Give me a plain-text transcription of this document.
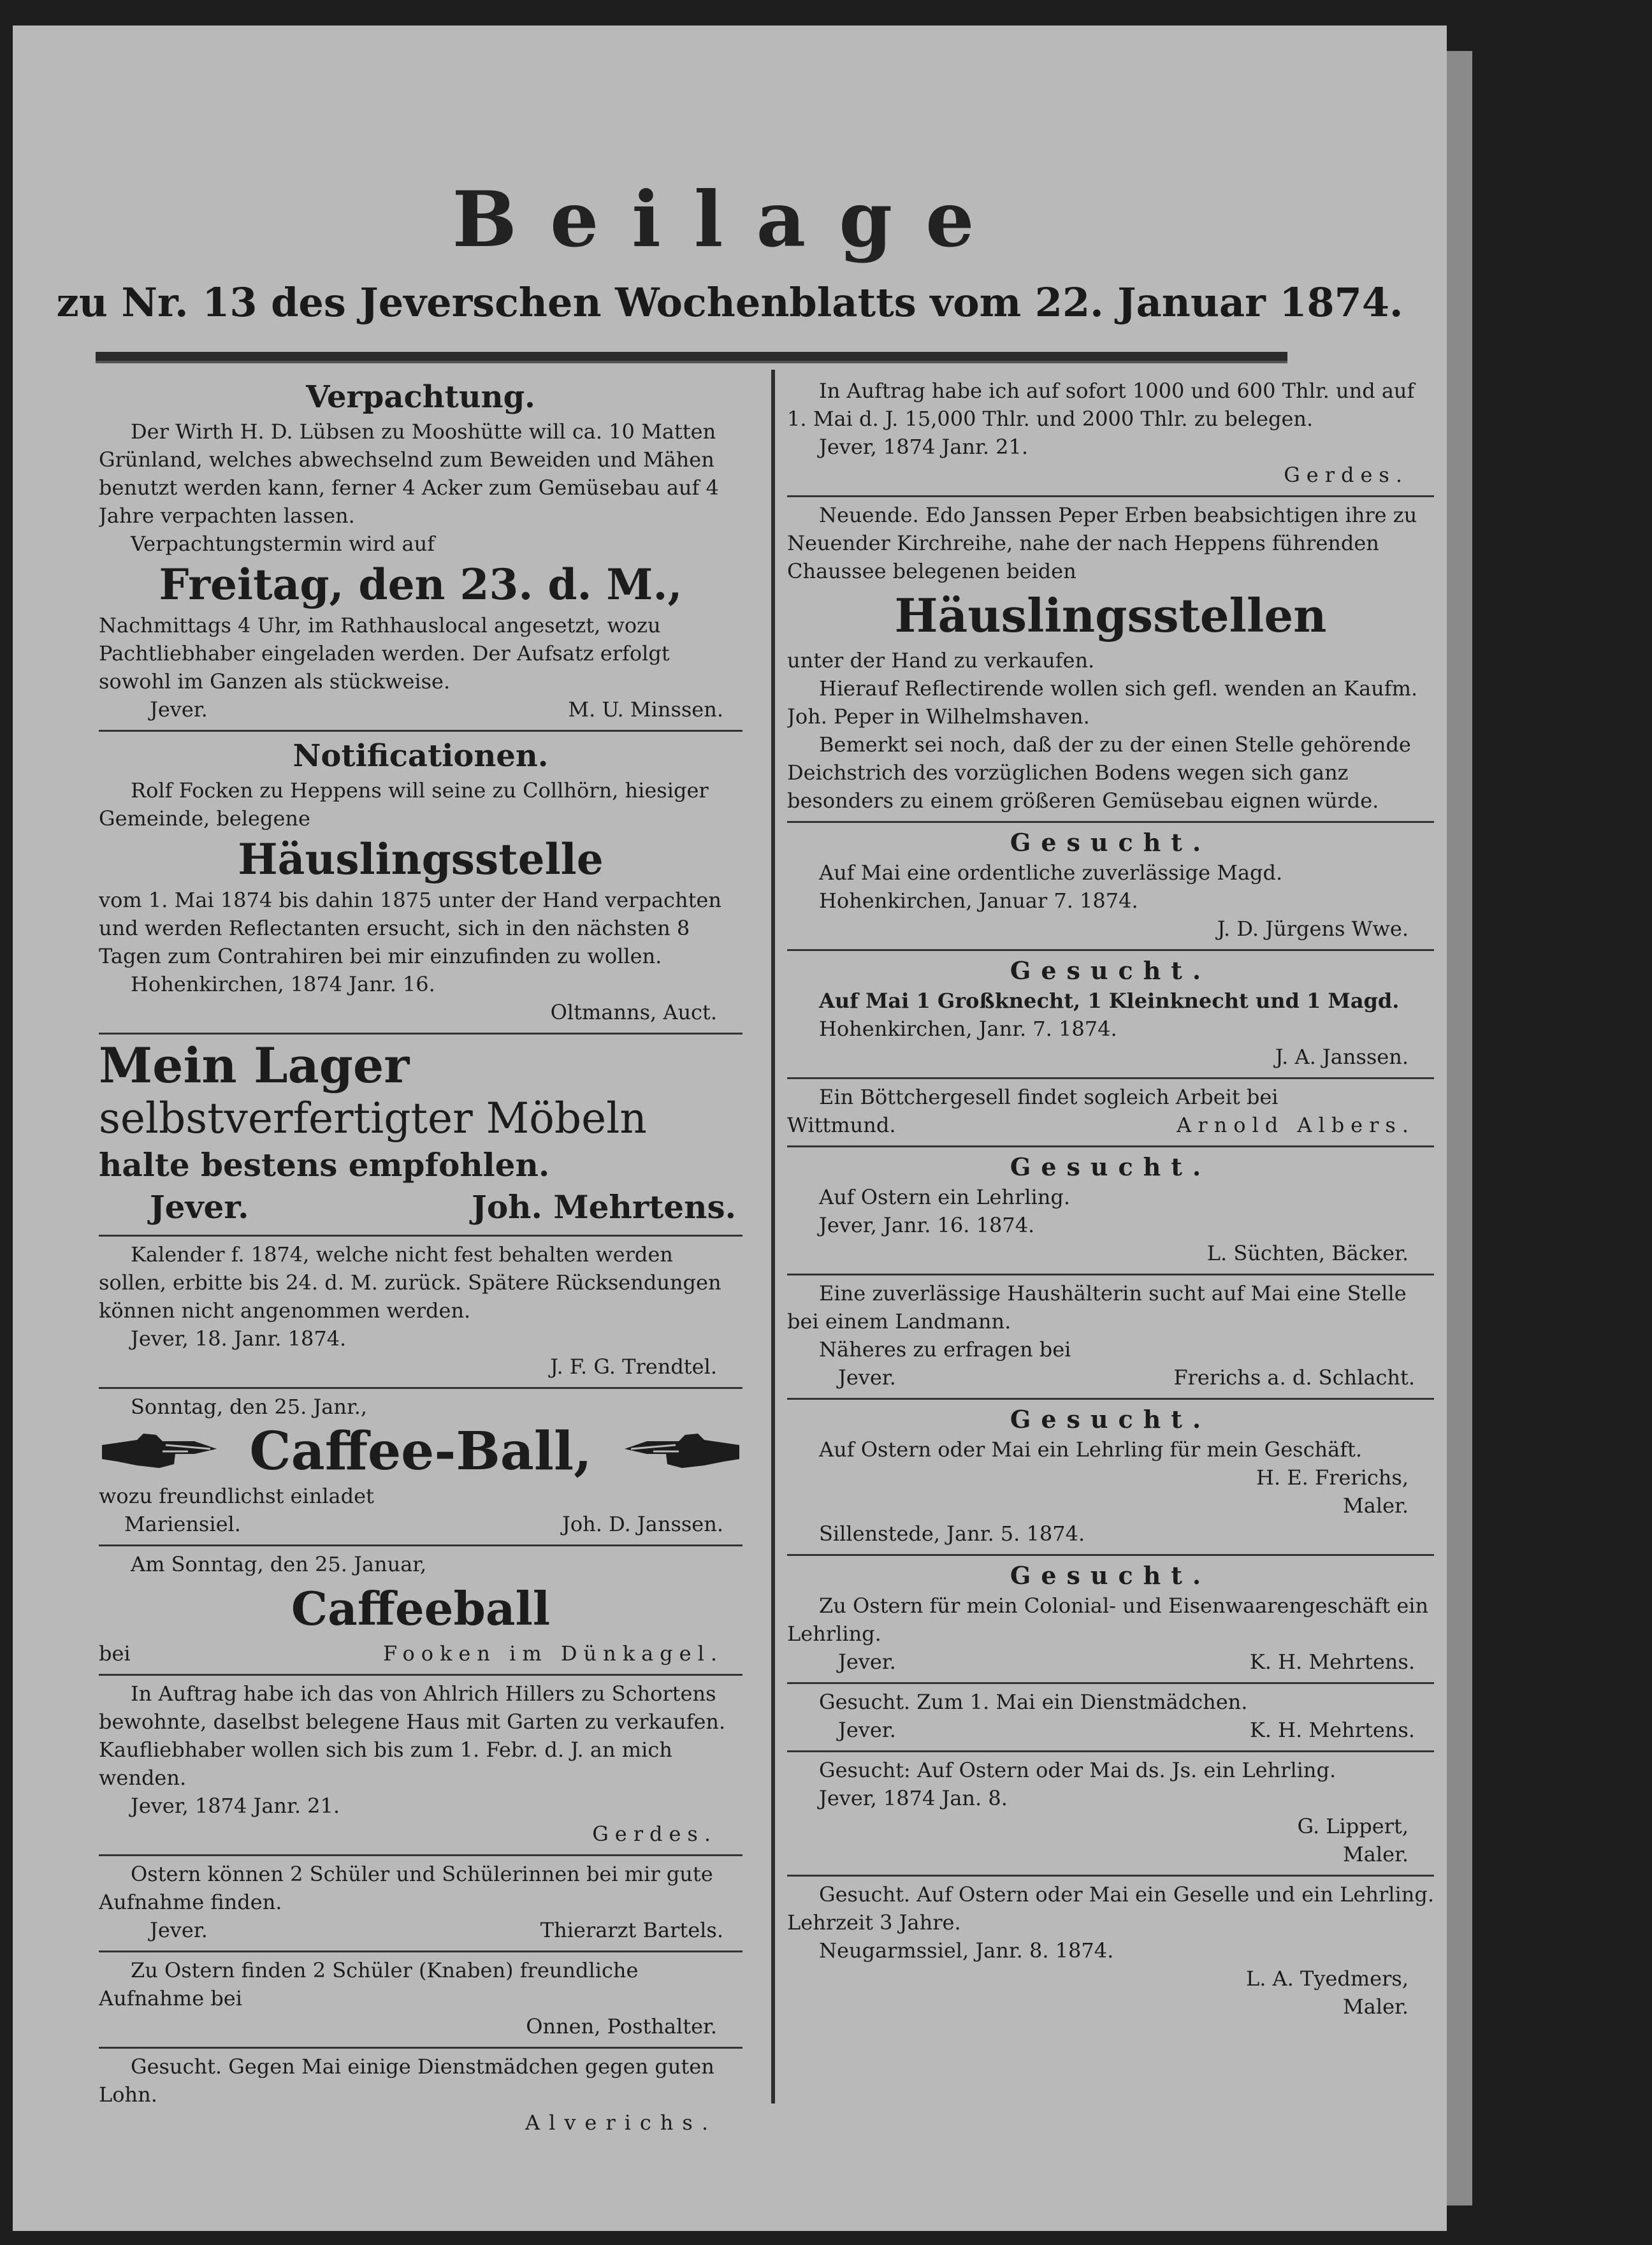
Beilage
zu Nr. 13 des Jeverschen Wochenblatts vom 22. Januar 1874.
Verpachtung.

Der Wirth H. D. Lübsen zu Mooshütte will ca. 10 Matten Grünland, welches abwechselnd zum Beweiden und Mähen benutzt werden kann, ferner 4 Acker zum Gemüsebau auf 4 Jahre verpachten lassen.

Verpachtungstermin wird auf

Freitag, den 23. d. M.,

Nachmittags 4 Uhr, im Rathhauslocal angesetzt, wozu Pachtliebhaber eingeladen werden. Der Aufsatz erfolgt sowohl im Ganzen als stückweise.

Jever.	M. U. Minssen.

Notificationen.

Rolf Focken zu Heppens will seine zu Collhörn, hiesiger Gemeinde, belegene

Häuslingsstelle

vom 1. Mai 1874 bis dahin 1875 unter der Hand verpachten und werden Reflectanten ersucht, sich in den nächsten 8 Tagen zum Contrahiren bei mir einzufinden zu wollen.

Hohenkirchen, 1874 Janr. 16.

Oltmanns, Auct.

Mein Lager

selbstverfertigter Möbeln

halte bestens empfohlen.

Jever.	Joh. Mehrtens.

Kalender f. 1874, welche nicht fest behalten werden sollen, erbitte bis 24. d. M. zurück. Spätere Rücksendungen können nicht angenommen werden.

Jever, 18. Janr. 1874.

J. F. G. Trendtel.

Sonntag, den 25. Janr.,

Caffee-Ball,

wozu freundlichst einladet

Mariensiel.	Joh. D. Janssen.

Am Sonntag, den 25. Januar,

Caffeeball

bei	Fooken im Dünkagel.

In Auftrag habe ich das von Ahlrich Hillers zu Schortens bewohnte, daselbst belegene Haus mit Garten zu verkaufen. Kaufliebhaber wollen sich bis zum 1. Febr. d. J. an mich wenden.

Jever, 1874 Janr. 21.

Gerdes.

Ostern können 2 Schüler und Schülerinnen bei mir gute Aufnahme finden.

Jever.	Thierarzt Bartels.

Zu Ostern finden 2 Schüler (Knaben) freundliche Aufnahme bei

Onnen, Posthalter.

Gesucht. Gegen Mai einige Dienstmädchen gegen guten Lohn.

Alverichs.

In Auftrag habe ich auf sofort 1000 und 600 Thlr. und auf 1. Mai d. J. 15,000 Thlr. und 2000 Thlr. zu belegen.

Jever, 1874 Janr. 21.

Gerdes.

Neuende. Edo Janssen Peper Erben beabsichtigen ihre zu Neuender Kirchreihe, nahe der nach Heppens führenden Chaussee belegenen beiden

Häuslingsstellen

unter der Hand zu verkaufen.

Hierauf Reflectirende wollen sich gefl. wenden an Kaufm. Joh. Peper in Wilhelmshaven.

Bemerkt sei noch, daß der zu der einen Stelle gehörende Deichstrich des vorzüglichen Bodens wegen sich ganz besonders zu einem größeren Gemüsebau eignen würde.

Gesucht.

Auf Mai eine ordentliche zuverlässige Magd.

Hohenkirchen, Januar 7. 1874.

J. D. Jürgens Wwe.

Gesucht.

Auf Mai 1 Großknecht, 1 Kleinknecht und 1 Magd.

Hohenkirchen, Janr. 7. 1874.

J. A. Janssen.

Ein Böttchergesell findet sogleich Arbeit bei

Wittmund.	Arnold Albers.

Gesucht.

Auf Ostern ein Lehrling.

Jever, Janr. 16. 1874.

L. Süchten, Bäcker.

Eine zuverlässige Haushälterin sucht auf Mai eine Stelle bei einem Landmann.

Näheres zu erfragen bei

Jever.	Frerichs a. d. Schlacht.

Gesucht.

Auf Ostern oder Mai ein Lehrling für mein Geschäft.

H. E. Frerichs,

Maler.

Sillenstede, Janr. 5. 1874.

Gesucht.

Zu Ostern für mein Colonial- und Eisenwaarengeschäft ein Lehrling.

Jever.	K. H. Mehrtens.

Gesucht. Zum 1. Mai ein Dienstmädchen.

Jever.	K. H. Mehrtens.

Gesucht: Auf Ostern oder Mai ds. Js. ein Lehrling.

Jever, 1874 Jan. 8.

G. Lippert,

Maler.

Gesucht. Auf Ostern oder Mai ein Geselle und ein Lehrling. Lehrzeit 3 Jahre.

Neugarmssiel, Janr. 8. 1874.

L. A. Tyedmers,

Maler.
